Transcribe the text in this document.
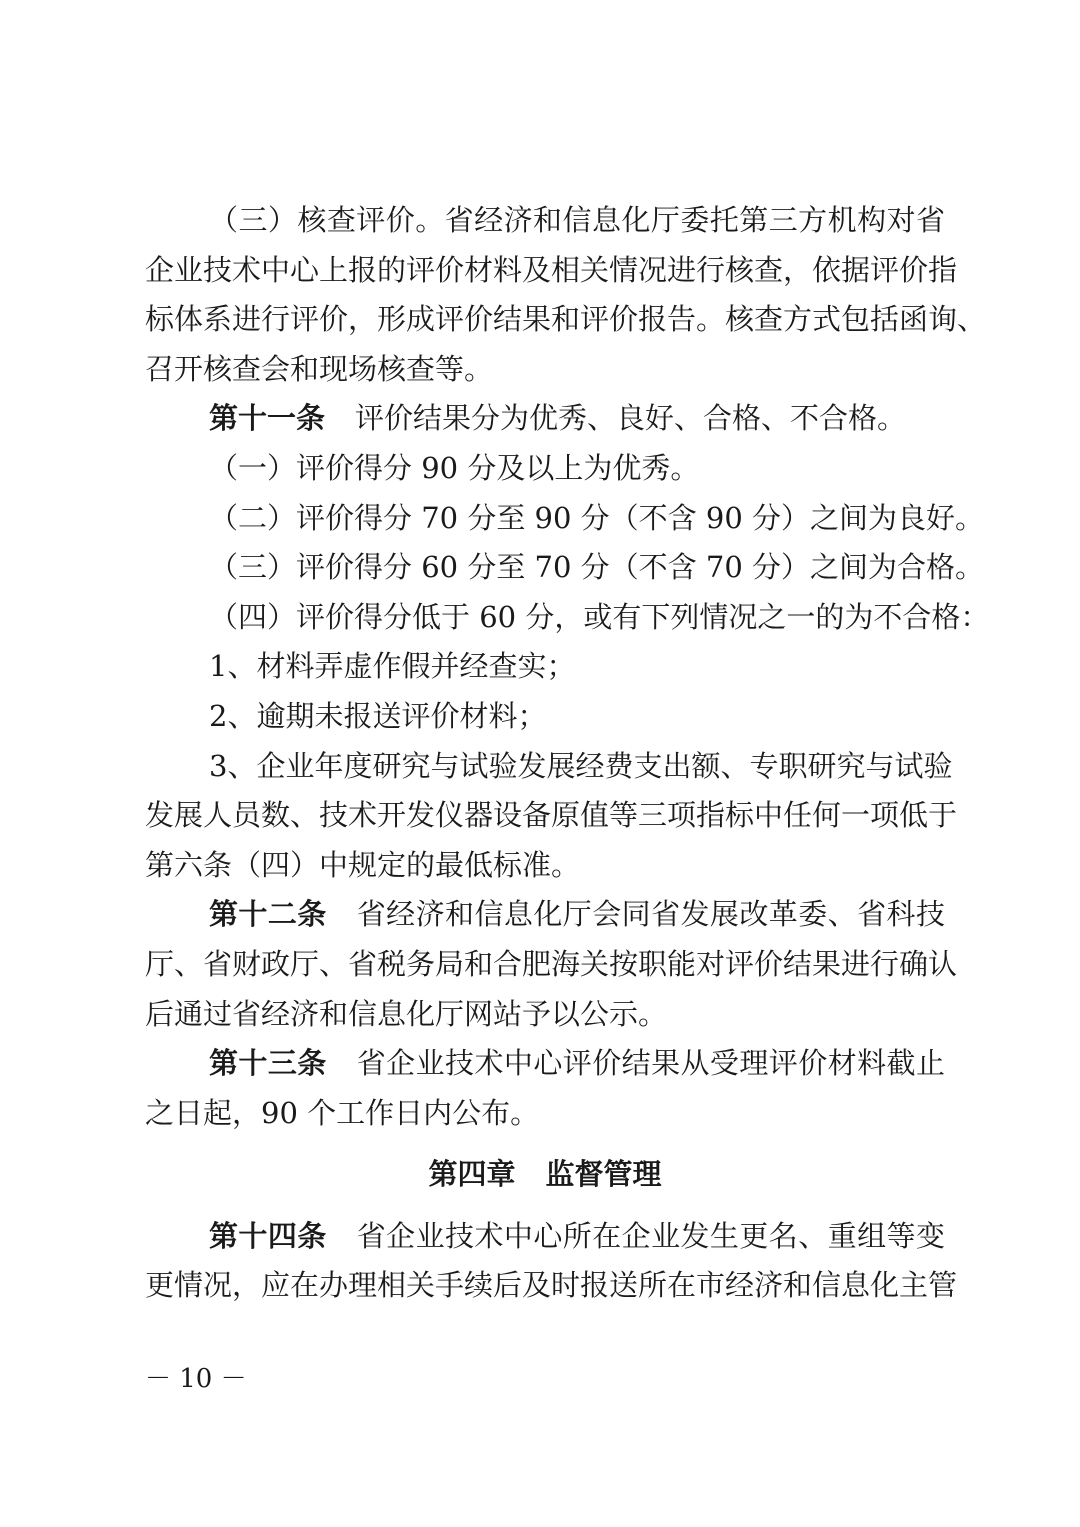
（三）核查评价。省经济和信息化厅委托第三方机构对省
企业技术中心上报的评价材料及相关情况进行核查，依据评价指
标体系进行评价，形成评价结果和评价报告。核查方式包括函询、
召开核查会和现场核查等。
第十一条 评价结果分为优秀、良好、合格、不合格。
（一）评价得分 90 分及以上为优秀。
（二）评价得分 70 分至 90 分（不含 90 分）之间为良好。
（三）评价得分 60 分至 70 分（不含 70 分）之间为合格。
（四）评价得分低于 60 分，或有下列情况之一的为不合格：
1、材料弄虚作假并经查实；
2、逾期未报送评价材料；
3、企业年度研究与试验发展经费支出额、专职研究与试验
发展人员数、技术开发仪器设备原值等三项指标中任何一项低于
第六条（四）中规定的最低标准。
第十二条 省经济和信息化厅会同省发展改革委、省科技
厅、省财政厅、省税务局和合肥海关按职能对评价结果进行确认
后通过省经济和信息化厅网站予以公示。
第十三条 省企业技术中心评价结果从受理评价材料截止
之日起，90 个工作日内公布。
第四章 监督管理
第十四条 省企业技术中心所在企业发生更名、重组等变
更情况，应在办理相关手续后及时报送所在市经济和信息化主管
－ 10 －
